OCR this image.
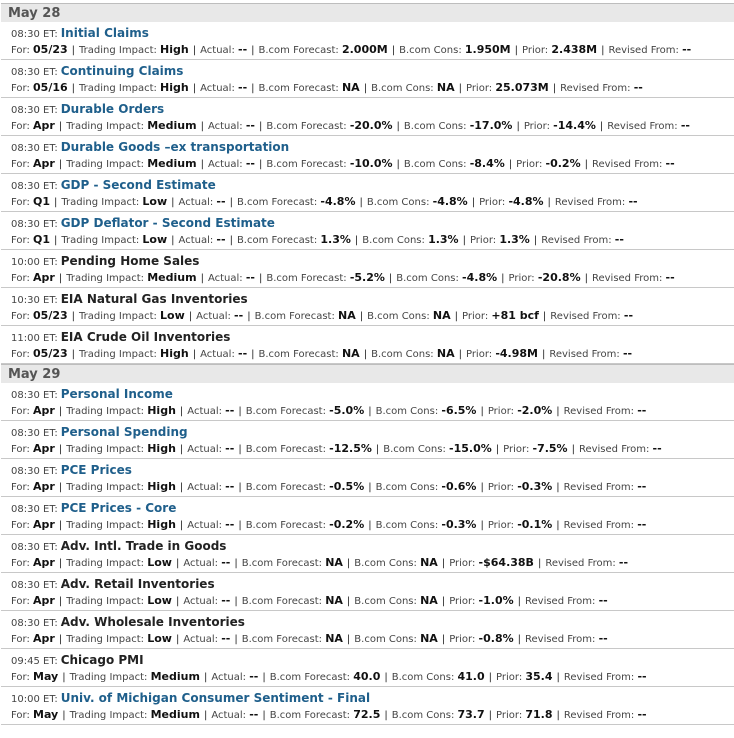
May 28
08:30 ET: Initial Claims
For: 05/23 | Trading Impact: High | Actual: -- | B.com Forecast: 2.000M | B.com Cons: 1.950M | Prior: 2.438M | Revised From: --
08:30 ET: Continuing Claims
For: 05/16 | Trading Impact: High | Actual: -- | B.com Forecast: NA | B.com Cons: NA | Prior: 25.073M | Revised From: --
08:30 ET: Durable Orders
For: Apr | Trading Impact: Medium | Actual: -- | B.com Forecast: -20.0% | B.com Cons: -17.0% | Prior: -14.4% | Revised From: --
08:30 ET: Durable Goods –ex transportation
For: Apr | Trading Impact: Medium | Actual: -- | B.com Forecast: -10.0% | B.com Cons: -8.4% | Prior: -0.2% | Revised From: --
08:30 ET: GDP - Second Estimate
For: Q1 | Trading Impact: Low | Actual: -- | B.com Forecast: -4.8% | B.com Cons: -4.8% | Prior: -4.8% | Revised From: --
08:30 ET: GDP Deflator - Second Estimate
For: Q1 | Trading Impact: Low | Actual: -- | B.com Forecast: 1.3% | B.com Cons: 1.3% | Prior: 1.3% | Revised From: --
10:00 ET: Pending Home Sales
For: Apr | Trading Impact: Medium | Actual: -- | B.com Forecast: -5.2% | B.com Cons: -4.8% | Prior: -20.8% | Revised From: --
10:30 ET: EIA Natural Gas Inventories
For: 05/23 | Trading Impact: Low | Actual: -- | B.com Forecast: NA | B.com Cons: NA | Prior: +81 bcf | Revised From: --
11:00 ET: EIA Crude Oil Inventories
For: 05/23 | Trading Impact: High | Actual: -- | B.com Forecast: NA | B.com Cons: NA | Prior: -4.98M | Revised From: --
May 29
08:30 ET: Personal Income
For: Apr | Trading Impact: High | Actual: -- | B.com Forecast: -5.0% | B.com Cons: -6.5% | Prior: -2.0% | Revised From: --
08:30 ET: Personal Spending
For: Apr | Trading Impact: High | Actual: -- | B.com Forecast: -12.5% | B.com Cons: -15.0% | Prior: -7.5% | Revised From: --
08:30 ET: PCE Prices
For: Apr | Trading Impact: High | Actual: -- | B.com Forecast: -0.5% | B.com Cons: -0.6% | Prior: -0.3% | Revised From: --
08:30 ET: PCE Prices - Core
For: Apr | Trading Impact: High | Actual: -- | B.com Forecast: -0.2% | B.com Cons: -0.3% | Prior: -0.1% | Revised From: --
08:30 ET: Adv. Intl. Trade in Goods
For: Apr | Trading Impact: Low | Actual: -- | B.com Forecast: NA | B.com Cons: NA | Prior: -$64.38B | Revised From: --
08:30 ET: Adv. Retail Inventories
For: Apr | Trading Impact: Low | Actual: -- | B.com Forecast: NA | B.com Cons: NA | Prior: -1.0% | Revised From: --
08:30 ET: Adv. Wholesale Inventories
For: Apr | Trading Impact: Low | Actual: -- | B.com Forecast: NA | B.com Cons: NA | Prior: -0.8% | Revised From: --
09:45 ET: Chicago PMI
For: May | Trading Impact: Medium | Actual: -- | B.com Forecast: 40.0 | B.com Cons: 41.0 | Prior: 35.4 | Revised From: --
10:00 ET: Univ. of Michigan Consumer Sentiment - Final
For: May | Trading Impact: Medium | Actual: -- | B.com Forecast: 72.5 | B.com Cons: 73.7 | Prior: 71.8 | Revised From: --
